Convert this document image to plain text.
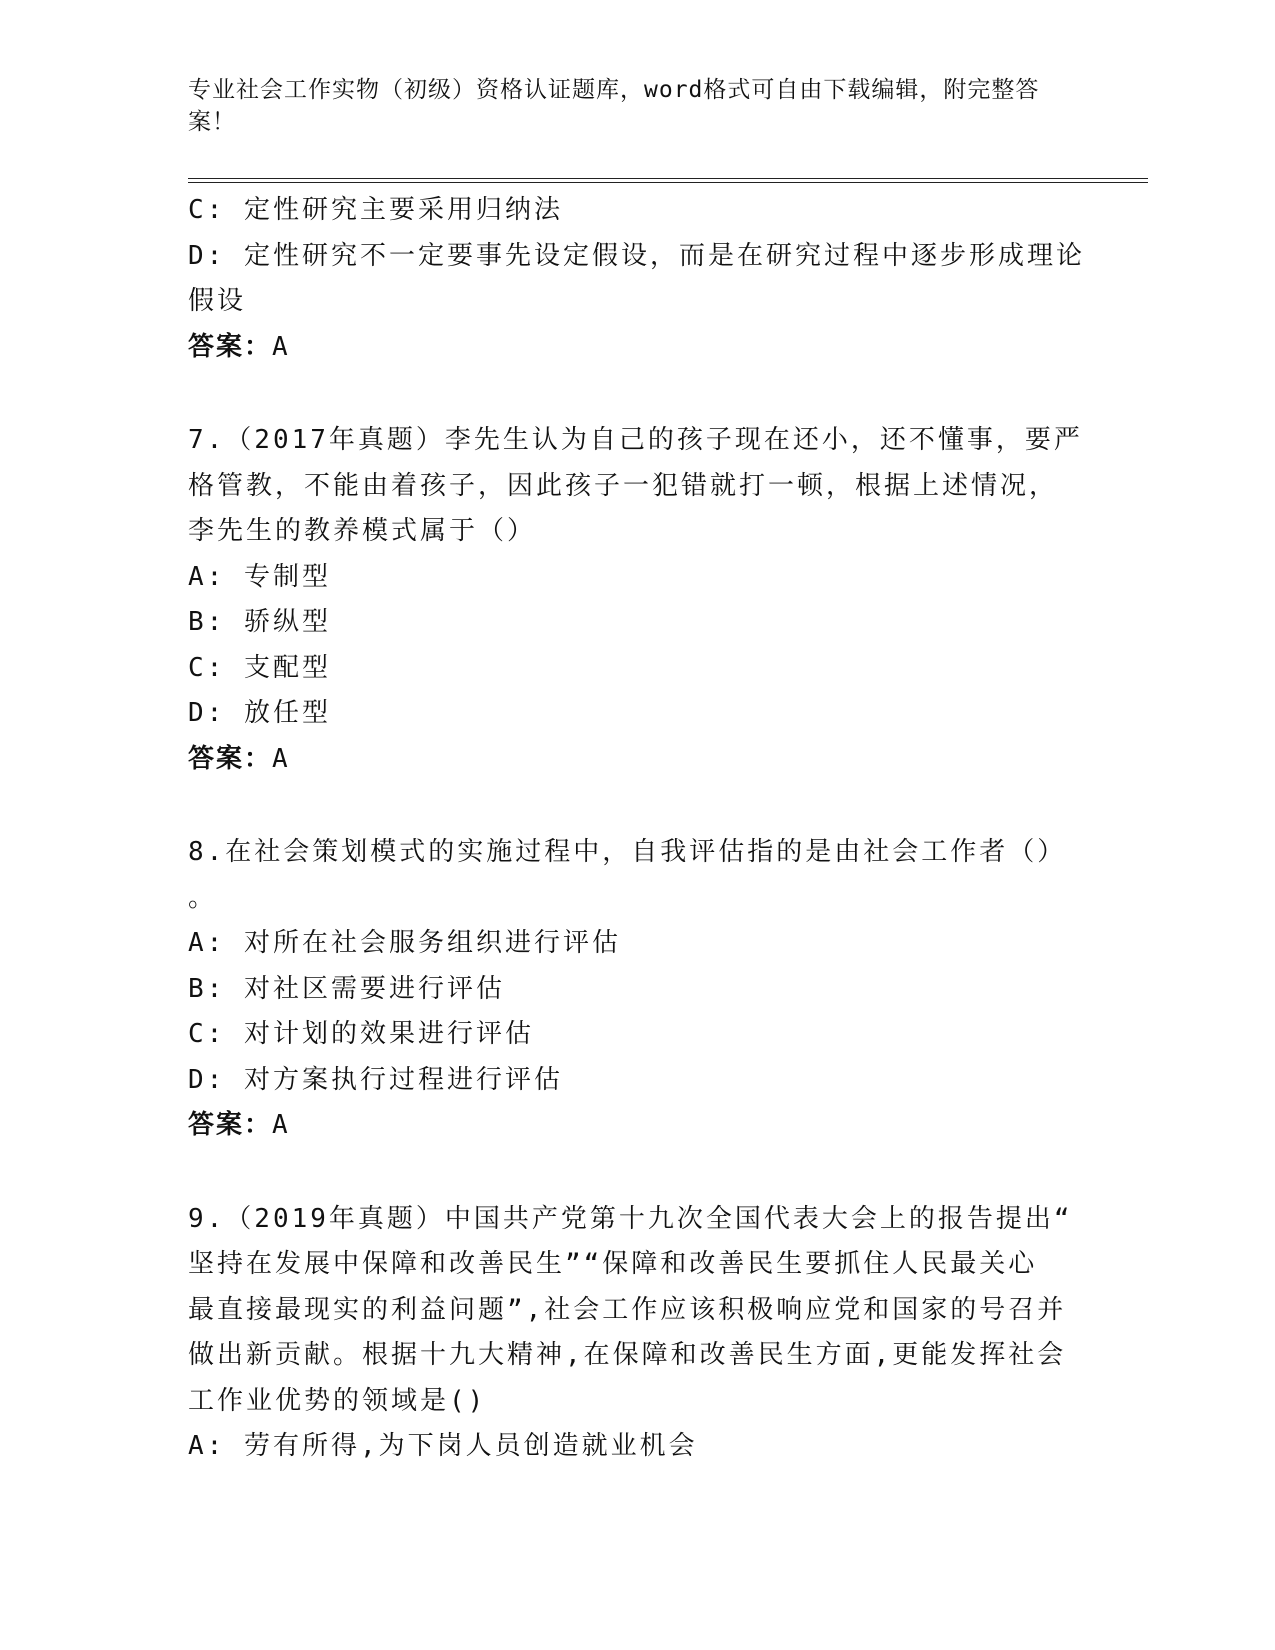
专业社会工作实物（初级）资格认证题库，word格式可自由下载编辑，附完整答
案！
C: 定性研究主要采用归纳法
D: 定性研究不一定要事先设定假设，而是在研究过程中逐步形成理论
假设
答案：A
7.（2017年真题）李先生认为自己的孩子现在还小，还不懂事，要严
格管教，不能由着孩子，因此孩子一犯错就打一顿，根据上述情况，
李先生的教养模式属于（）
A: 专制型
B: 骄纵型
C: 支配型
D: 放任型
答案：A
8.在社会策划模式的实施过程中，自我评估指的是由社会工作者（）
。
A: 对所在社会服务组织进行评估
B: 对社区需要进行评估
C: 对计划的效果进行评估
D: 对方案执行过程进行评估
答案：A
9.（2019年真题）中国共产党第十九次全国代表大会上的报告提出“
坚持在发展中保障和改善民生”“保障和改善民生要抓住人民最关心
最直接最现实的利益问题”,社会工作应该积极响应党和国家的号召并
做出新贡献。根据十九大精神,在保障和改善民生方面,更能发挥社会
工作业优势的领域是()
A: 劳有所得,为下岗人员创造就业机会
